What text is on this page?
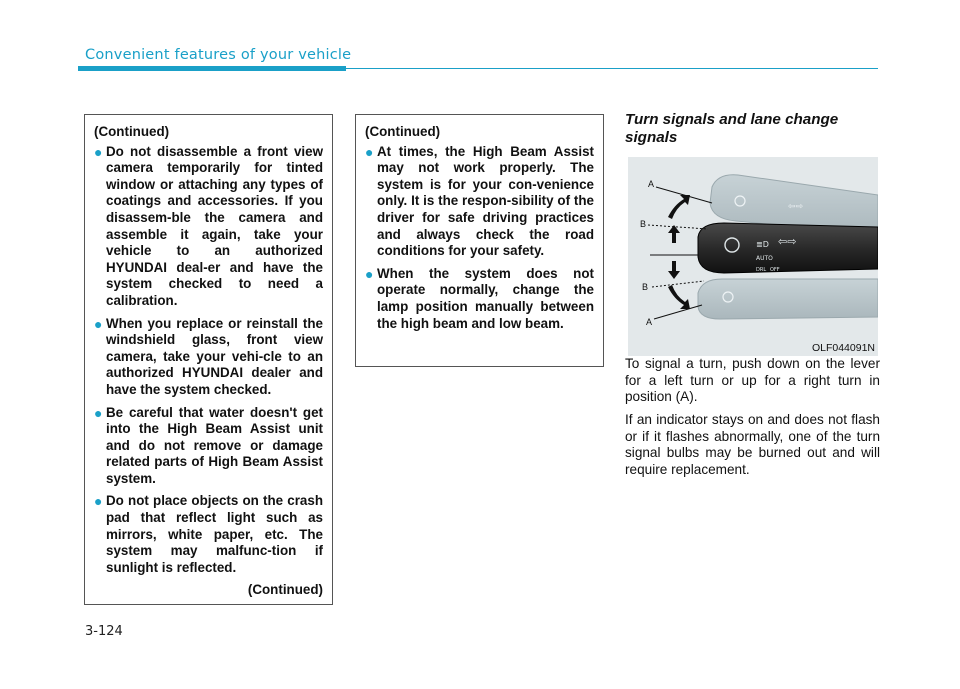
Convenient features of your vehicle
(Continued)
● Do not disassemble a front view camera temporarily for tinted window or attaching any types of coatings and accessories. If you disassem-ble the camera and assemble it again, take your vehicle to an authorized HYUNDAI deal-er and have the system checked to need a calibration.
● When you replace or reinstall the windshield glass, front view camera, take your vehi-cle to an authorized HYUNDAI dealer and have the system checked.
● Be careful that water doesn't get into the High Beam Assist unit and do not remove or damage related parts of High Beam Assist system.
● Do not place objects on the crash pad that reflect light such as mirrors, white paper, etc. The system may malfunc-tion if sunlight is reflected.
(Continued)
(Continued)
● At times, the High Beam Assist may not work properly. The system is for your con-venience only. It is the respon-sibility of the driver for safe driving practices and always check the road conditions for your safety.
● When the system does not operate normally, change the lamp position manually between the high beam and low beam.
Turn signals and lane change signals
⇦⇨
≣D ⇦⇨
AUTO
DRL OFF
A
B
B
A
OLF044091N

To signal a turn, push down on the lever for a left turn or up for a right turn in position (A).

If an indicator stays on and does not flash or if it flashes abnormally, one of the turn signal bulbs may be burned out and will require replacement.

3-124
